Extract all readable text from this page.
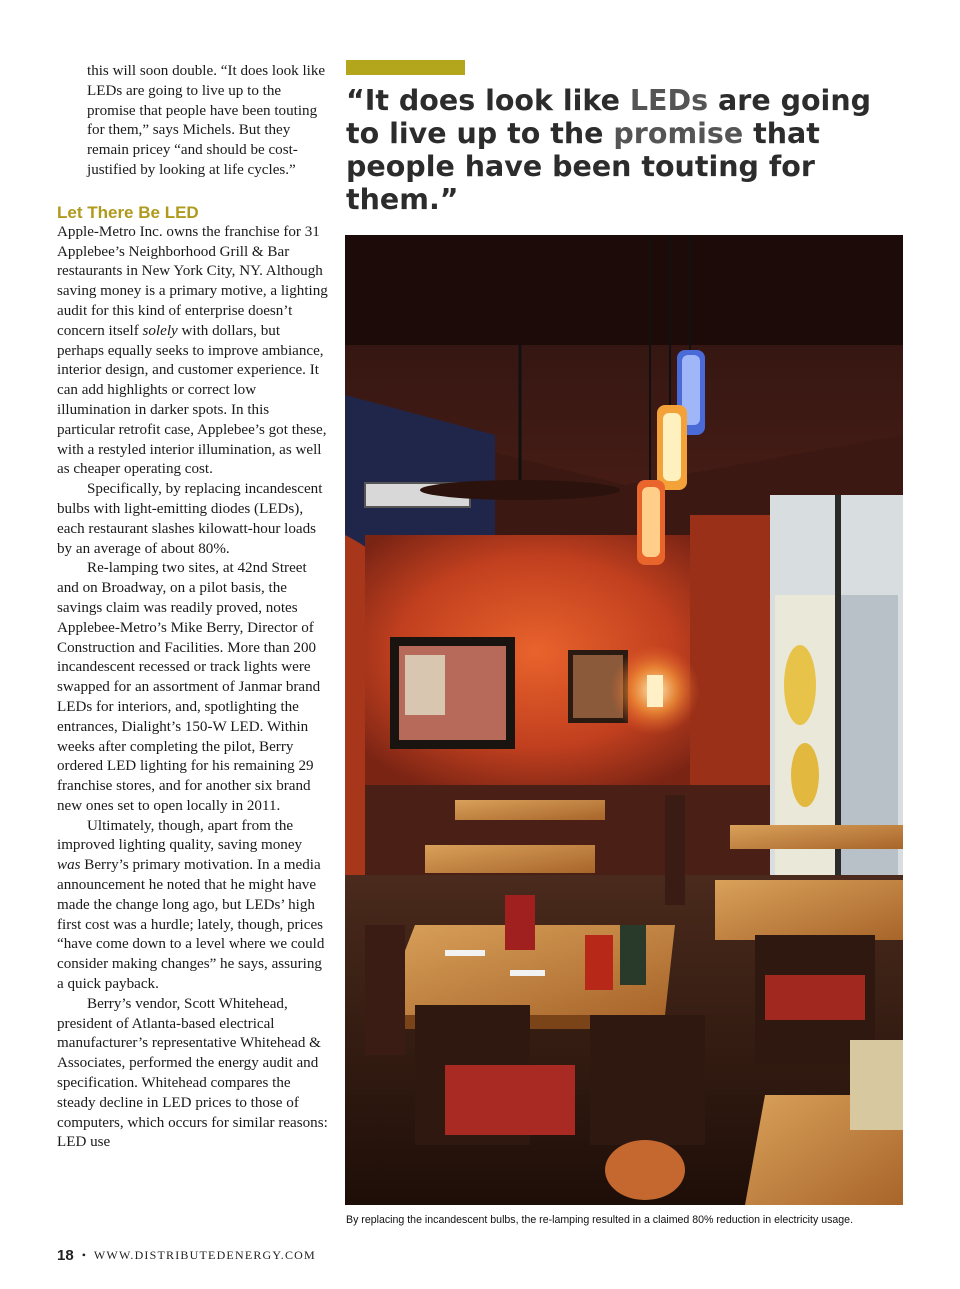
this will soon double. “It does look like LEDs are going to live up to the promise that people have been touting for them,” says Michels. But they remain pricey “and should be cost-justified by looking at life cycles.”

Let There Be LED

Apple-Metro Inc. owns the franchise for 31 Applebee’s Neighborhood Grill & Bar restaurants in New York City, NY. Although saving money is a primary motive, a lighting audit for this kind of enterprise doesn’t concern itself solely with dollars, but perhaps equally seeks to improve ambiance, interior design, and customer experience. It can add highlights or correct low illumination in darker spots. In this particular retrofit case, Applebee’s got these, with a restyled interior illumination, as well as cheaper operating cost.

Specifically, by replacing incandescent bulbs with light-emitting diodes (LEDs), each restaurant slashes kilowatt-hour loads by an average of about 80%.

Re-lamping two sites, at 42nd Street and on Broadway, on a pilot basis, the savings claim was readily proved, notes Applebee-Metro’s Mike Berry, Director of Construction and Facilities. More than 200 incandescent recessed or track lights were swapped for an assortment of Janmar brand LEDs for interiors, and, spotlighting the entrances, Dialight’s 150-W LED. Within weeks after completing the pilot, Berry ordered LED lighting for his remaining 29 franchise stores, and for another six brand new ones set to open locally in 2011.

Ultimately, though, apart from the improved lighting quality, saving money was Berry’s primary motivation. In a media announcement he noted that he might have made the change long ago, but LEDs’ high first cost was a hurdle; lately, though, prices “have come down to a level where we could consider making changes” he says, assuring a quick payback.

Berry’s vendor, Scott Whitehead, president of Atlanta-based electrical manufacturer’s representative Whitehead & Associates, performed the energy audit and specification. Whitehead compares the steady decline in LED prices to those of computers, which occurs for similar reasons: LED use

“It does look like LEDs are going to live up to the promise that people have been touting for them.”

By replacing the incandescent bulbs, the re-lamping resulted in a claimed 80% reduction in electricity usage.

18 • WWW.DISTRIBUTEDENERGY.COM
